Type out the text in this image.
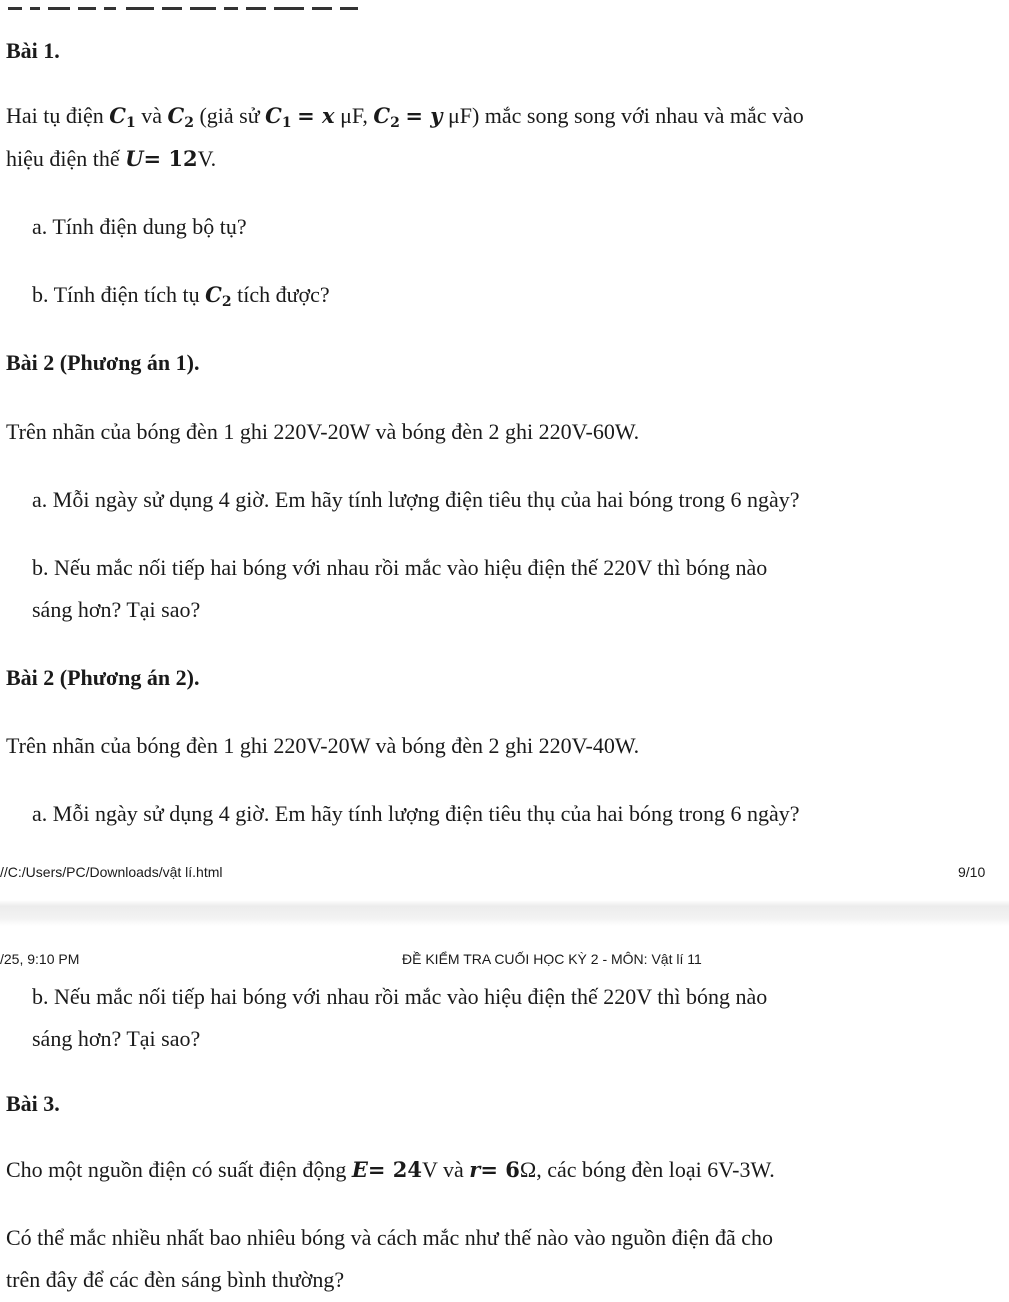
Bài 1.
Hai tụ điện $C_1$ và $C_2$ (giả sử $C_1 = x$ μF, $C_2 = y$ μF) mắc song song với nhau và mắc vào
hiệu điện thế U= 12V.
a. Tính điện dung bộ tụ?
b. Tính điện tích tụ $C_2$ tích được?
Bài 2 (Phương án 1).
Trên nhãn của bóng đèn 1 ghi 220V-20W và bóng đèn 2 ghi 220V-60W.
a. Mỗi ngày sử dụng 4 giờ. Em hãy tính lượng điện tiêu thụ của hai bóng trong 6 ngày?
b. Nếu mắc nối tiếp hai bóng với nhau rồi mắc vào hiệu điện thế 220V thì bóng nào
sáng hơn? Tại sao?
Bài 2 (Phương án 2).
Trên nhãn của bóng đèn 1 ghi 220V-20W và bóng đèn 2 ghi 220V-40W.
a. Mỗi ngày sử dụng 4 giờ. Em hãy tính lượng điện tiêu thụ của hai bóng trong 6 ngày?
//C:/Users/PC/Downloads/vật lí.html	9/10
/25, 9:10 PM	ĐỀ KIỂM TRA CUỐI HỌC KỲ 2 - MÔN: Vật lí 11
b. Nếu mắc nối tiếp hai bóng với nhau rồi mắc vào hiệu điện thế 220V thì bóng nào
sáng hơn? Tại sao?
Bài 3.
Cho một nguồn điện có suất điện động E= 24V và r= 6Ω, các bóng đèn loại 6V-3W.
Có thể mắc nhiều nhất bao nhiêu bóng và cách mắc như thế nào vào nguồn điện đã cho
trên đây để các đèn sáng bình thường?
